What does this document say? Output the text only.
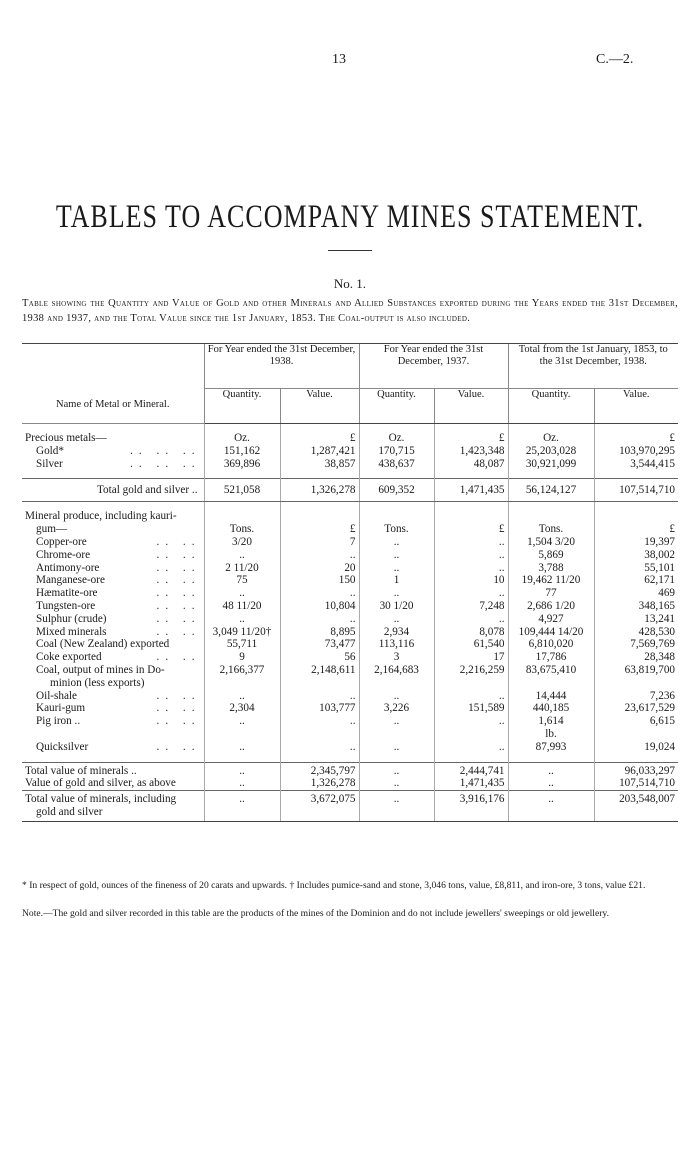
13	C.—2.
TABLES TO ACCOMPANY MINES STATEMENT.
No. 1.
Table showing the Quantity and Value of Gold and other Minerals and Allied Substances exported during the Years ended the 31st December, 1938 and 1937, and the Total Value since the 1st January, 1853. The Coal-output is also included.
Name of Metal or Mineral.	For Year ended the 31st December, 1938.		For Year ended the 31st December, 1937.		Total from the 1st January, 1853, to the 31st December, 1938.	
	Quantity.	Value.	Quantity.	Value.	Quantity.	Value.

Precious metals—	Oz.	£	Oz.	£	Oz.	£
Gold* .. .. ..	151,162	1,287,421	170,715	1,423,348	25,203,028	103,970,295
Silver .. .. ..	369,896	38,857	438,637	48,087	30,921,099	3,544,415

Total gold and silver ..	521,058	1,326,278	609,352	1,471,435	56,124,127	107,514,710

Mineral produce, including kauri-						
gum—	Tons.	£	Tons.	£	Tons.	£
Copper-ore .. ..	3/20	7	..	..	1,504 3/20	19,397
Chrome-ore .. ..	..	..	..	..	5,869	38,002
Antimony-ore .. ..	2 11/20	20	..	..	3,788	55,101
Manganese-ore .. ..	75	150	1	10	19,462 11/20	62,171
Hæmatite-ore .. ..	..	..	..	..	77	469
Tungsten-ore .. ..	48 11/20	10,804	30 1/20	7,248	2,686 1/20	348,165
Sulphur (crude) .. ..	..	..	..	..	4,927	13,241
Mixed minerals .. ..	3,049 11/20†	8,895	2,934	8,078	109,444 14/20	428,530
Coal (New Zealand) exported	55,711	73,477	113,116	61,540	6,810,020	7,569,769
Coke exported .. ..	9	56	3	17	17,786	28,348
Coal, output of mines in Do-	2,166,377	2,148,611	2,164,683	2,216,259	83,675,410	63,819,700
minion (less exports)						
Oil-shale .. ..	..	..	..	..	14,444	7,236
Kauri-gum .. ..	2,304	103,777	3,226	151,589	440,185	23,617,529
Pig iron .. .. ..	..	..	..	..	1,614	6,615
					lb.	
Quicksilver .. ..	..	..	..	..	87,993	19,024

Total value of minerals ..	..	2,345,797	..	2,444,741	..	96,033,297
Value of gold and silver, as above	..	1,326,278	..	1,471,435	..	107,514,710
Total value of minerals, including	..	3,672,075	..	3,916,176	..	203,548,007
gold and silver						
* In respect of gold, ounces of the fineness of 20 carats and upwards. † Includes pumice-sand and stone, 3,046 tons, value, £8,811, and iron-ore, 3 tons, value £21.
Note.—The gold and silver recorded in this table are the products of the mines of the Dominion and do not include jewellers' sweepings or old jewellery.
